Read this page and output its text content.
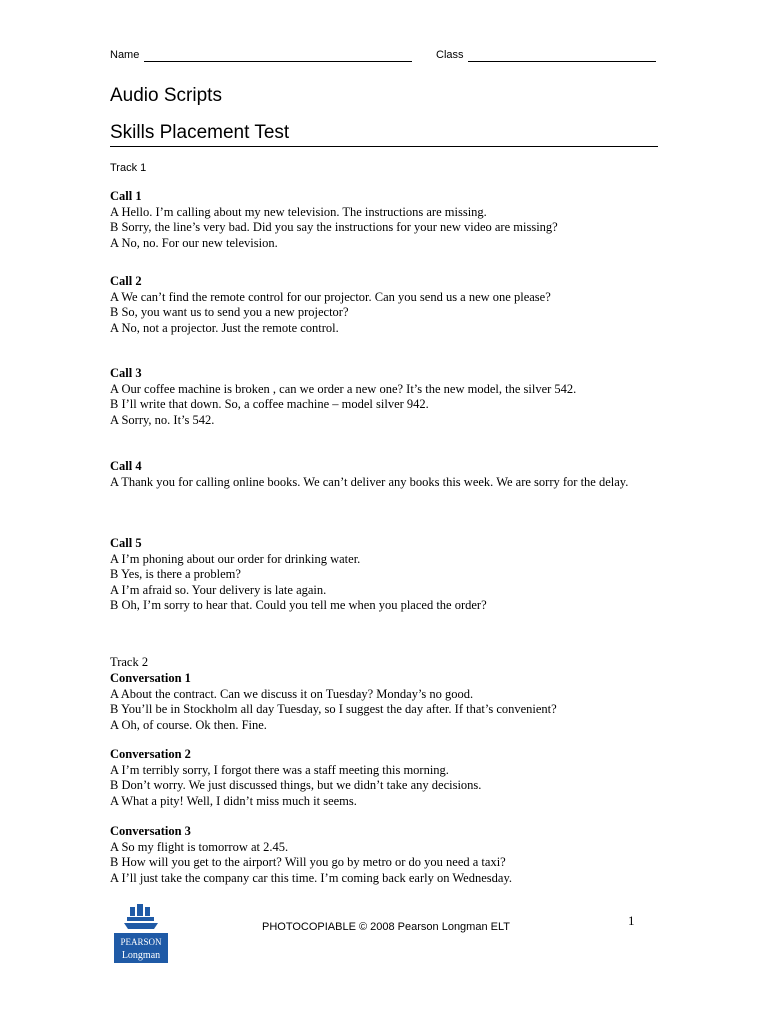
Name	Class
Audio Scripts
Skills Placement Test
Track 1
Call 1
A Hello. I’m calling about my new television. The instructions are missing.
B Sorry, the line’s very bad. Did you say the instructions for your new video are missing?
A No, no. For our new television.
Call 2
A We can’t find the remote control for our projector. Can you send us a new one please?
B So, you want us to send you a new projector?
A No, not a projector. Just the remote control.
Call 3
A Our coffee machine is broken , can we order a new one? It’s the new model, the silver 542.
B I’ll write that down. So, a coffee machine – model silver 942.
A Sorry, no. It’s 542.
Call 4
A Thank you for calling online books. We can’t deliver any books this week. We are sorry for the delay.
Call 5
A I’m phoning about our order for drinking water.
B Yes, is there a problem?
A I’m afraid so. Your delivery is late again.
B Oh, I’m sorry to hear that. Could you tell me when you placed the order?
Track 2
Conversation 1
A About the contract. Can we discuss it on Tuesday? Monday’s no good.
B You’ll be in Stockholm all day Tuesday, so I suggest the day after. If that’s convenient?
A Oh, of course. Ok then. Fine.
Conversation 2
A I’m terribly sorry, I forgot there was a staff meeting this morning.
B Don’t worry. We just discussed things, but we didn’t take any decisions.
A What a pity! Well, I didn’t miss much it seems.
Conversation 3
A So my flight is tomorrow at 2.45.
B How will you get to the airport? Will you go by metro or do you need a taxi?
A I’ll just take the company car this time. I’m coming back early on Wednesday.
PEARSON
Longman
PHOTOCOPIABLE © 2008 Pearson Longman ELT	1
